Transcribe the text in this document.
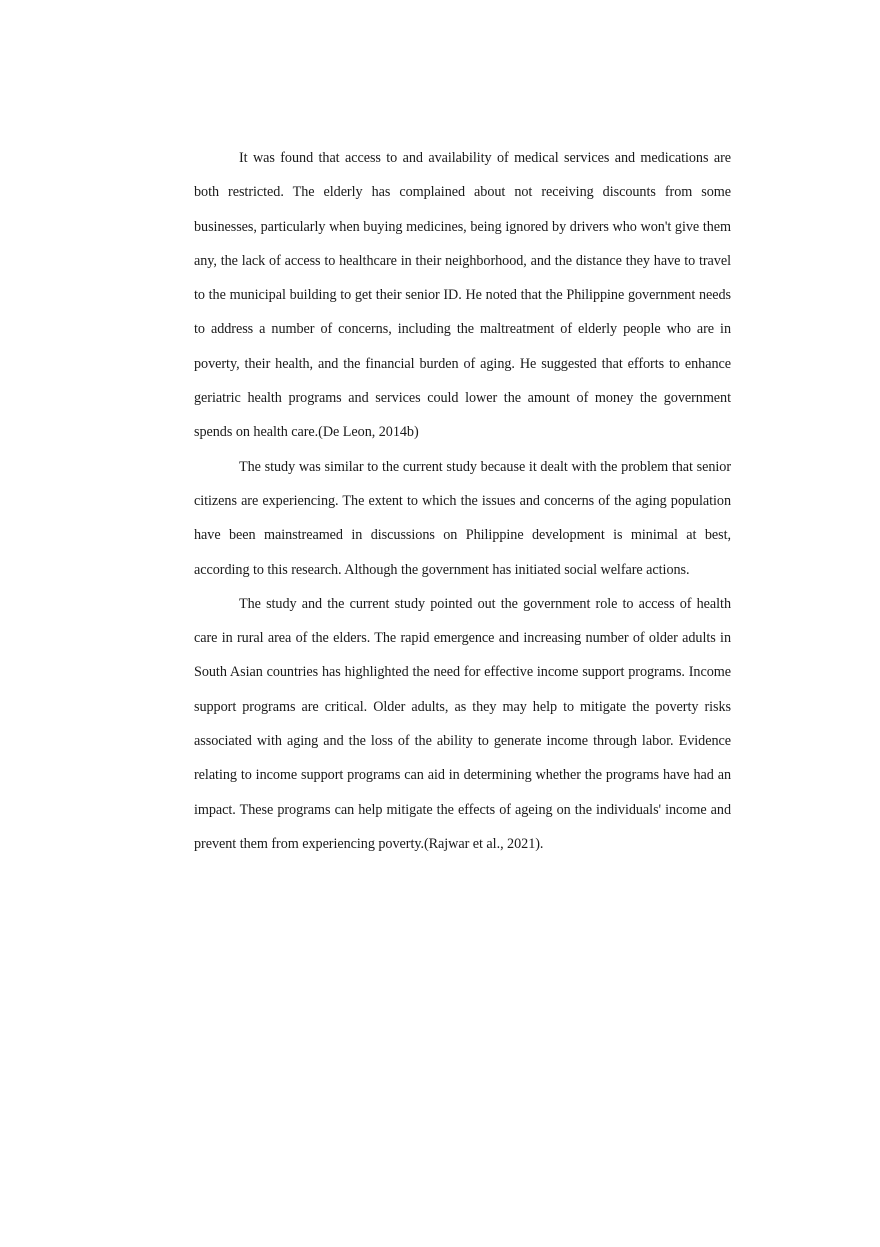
It was found that access to and availability of medical services and medications are both restricted. The elderly has complained about not receiving discounts from some businesses, particularly when buying medicines, being ignored by drivers who won't give them any, the lack of access to healthcare in their neighborhood, and the distance they have to travel to the municipal building to get their senior ID. He noted that the Philippine government needs to address a number of concerns, including the maltreatment of elderly people who are in poverty, their health, and the financial burden of aging. He suggested that efforts to enhance geriatric health programs and services could lower the amount of money the government spends on health care.(De Leon, 2014b)

The study was similar to the current study because it dealt with the problem that senior citizens are experiencing. The extent to which the issues and concerns of the aging population have been mainstreamed in discussions on Philippine development is minimal at best, according to this research. Although the government has initiated social welfare actions.

The study and the current study pointed out the government role to access of health care in rural area of the elders. The rapid emergence and increasing number of older adults in South Asian countries has highlighted the need for effective income support programs. Income support programs are critical. Older adults, as they may help to mitigate the poverty risks associated with aging and the loss of the ability to generate income through labor. Evidence relating to income support programs can aid in determining whether the programs have had an impact. These programs can help mitigate the effects of ageing on the individuals' income and prevent them from experiencing poverty.(Rajwar et al., 2021).
